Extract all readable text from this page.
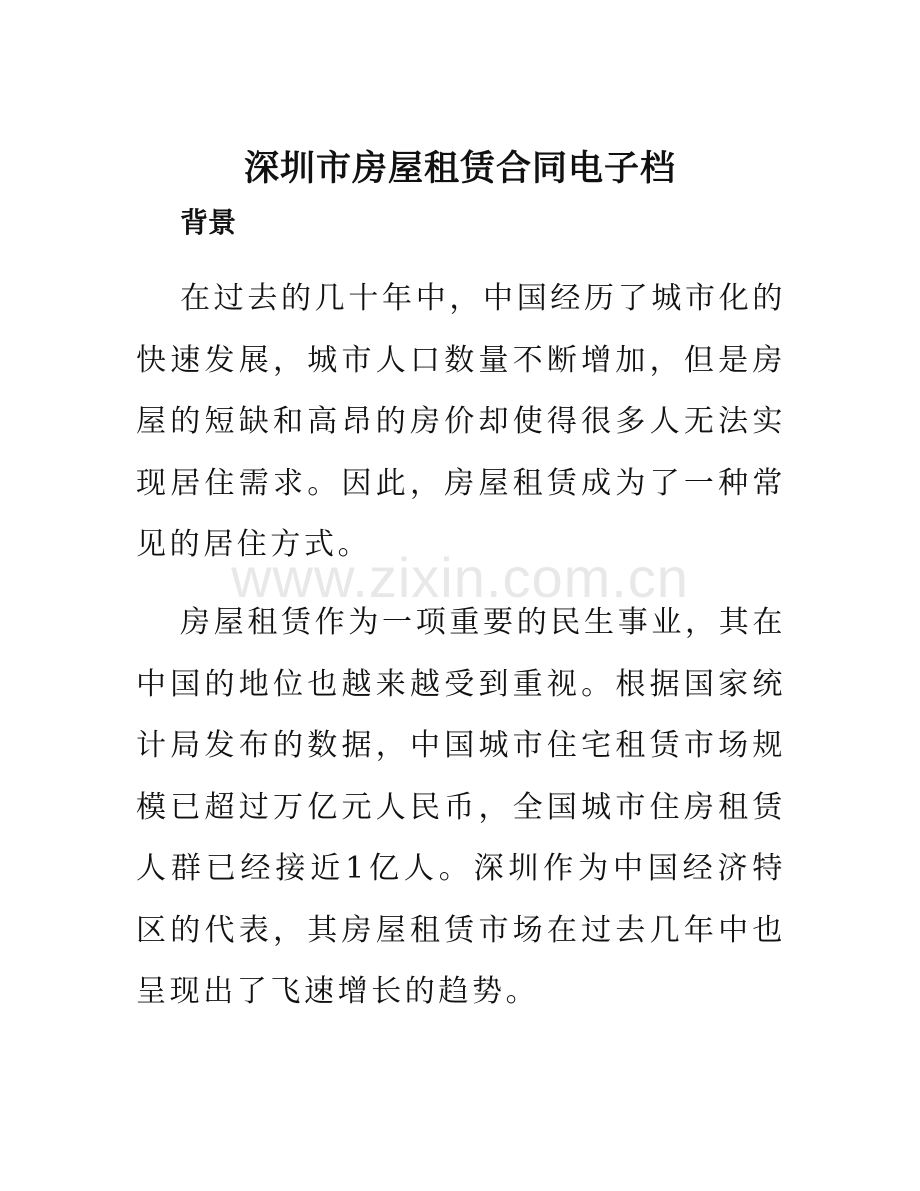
深圳市房屋租赁合同电子档
背景

在过去的几十年中，中国经历了城市化的快速发展，城市人口数量不断增加，但是房屋的短缺和高昂的房价却使得很多人无法实现居住需求。因此，房屋租赁成为了一种常见的居住方式。

房屋租赁作为一项重要的民生事业，其在中国的地位也越来越受到重视。根据国家统计局发布的数据，中国城市住宅租赁市场规模已超过万亿元人民币，全国城市住房租赁人群已经接近1亿人。深圳作为中国经济特区的代表，其房屋租赁市场在过去几年中也呈现出了飞速增长的趋势。

www.zixin.com.cn
